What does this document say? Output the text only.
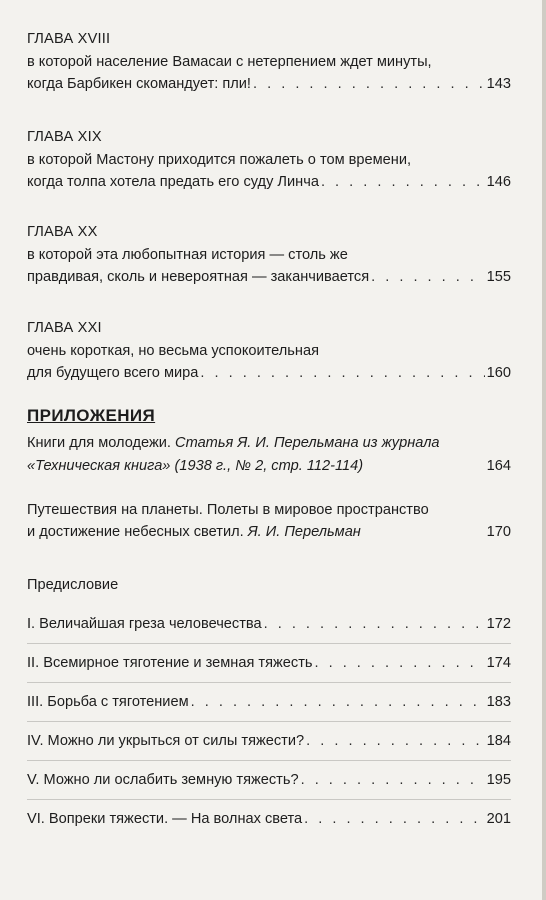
ГЛАВА XVIII
в которой население Вамасаи с нетерпением ждет минуты,
когда Барбикен скомандует: пли! . . .	143
ГЛАВА XIX
в которой Мастону приходится пожалеть о том времени,
когда толпа хотела предать его суду Линча . . .	146
ГЛАВА XX
в которой эта любопытная история — столь же
правдивая, сколь и невероятная — заканчивается . . .	155
ГЛАВА XXI
очень короткая, но весьма успокоительная
для будущего всего мира . . .	160
ПРИЛОЖЕНИЯ
Книги для молодежи. Статья Я. И. Перельмана из журнала
«Техническая книга» (1938 г., № 2, стр. 112-114)	164
Путешествия на планеты. Полеты в мировое пространство
и достижение небесных светил. Я. И. Перельман	170
Предисловие
I. Величайшая греза человечества . . .	172
II. Всемирное тяготение и земная тяжесть . . .	174
III. Борьба с тяготением . . .	183
IV. Можно ли укрыться от силы тяжести? . . .	184
V. Можно ли ослабить земную тяжесть? . . .	195
VI. Вопреки тяжести. — На волнах света . . .	201
